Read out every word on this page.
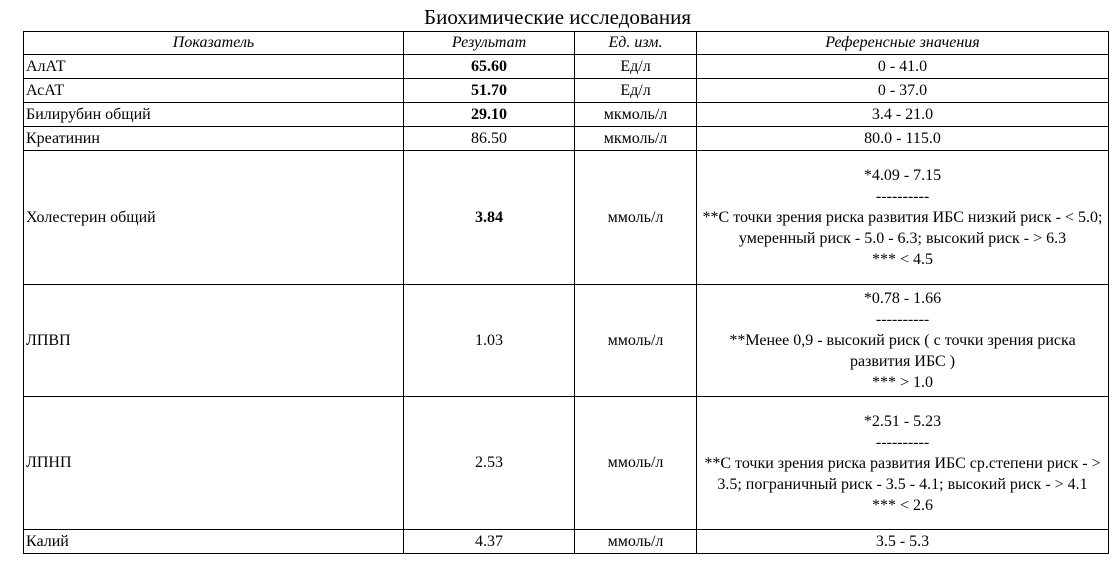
Биохимические исследования
Показатель	Результат	Ед. изм.	Референсные значения
АлАТ	65.60	Ед/л	0 - 41.0

АсАТ	51.70	Ед/л	0 - 37.0

Билирубин общий	29.10	мкмоль/л	3.4 - 21.0

Креатинин	86.50	мкмоль/л	80.0 - 115.0

Холестерин общий	3.84	ммоль/л	*4.09 - 7.15
----------
**С точки зрения риска развития ИБС низкий риск - < 5.0; умеренный риск - 5.0 - 6.3; высокий риск - > 6.3
*** < 4.5

ЛПВП	1.03	ммоль/л	*0.78 - 1.66
----------
**Менее 0,9 - высокий риск ( с точки зрения риска развития ИБС )
*** > 1.0

ЛПНП	2.53	ммоль/л	*2.51 - 5.23
----------
**С точки зрения риска развития ИБС ср.степени риск - > 3.5; пограничный риск - 3.5 - 4.1; высокий риск - > 4.1
*** < 2.6

Калий	4.37	ммоль/л	3.5 - 5.3
